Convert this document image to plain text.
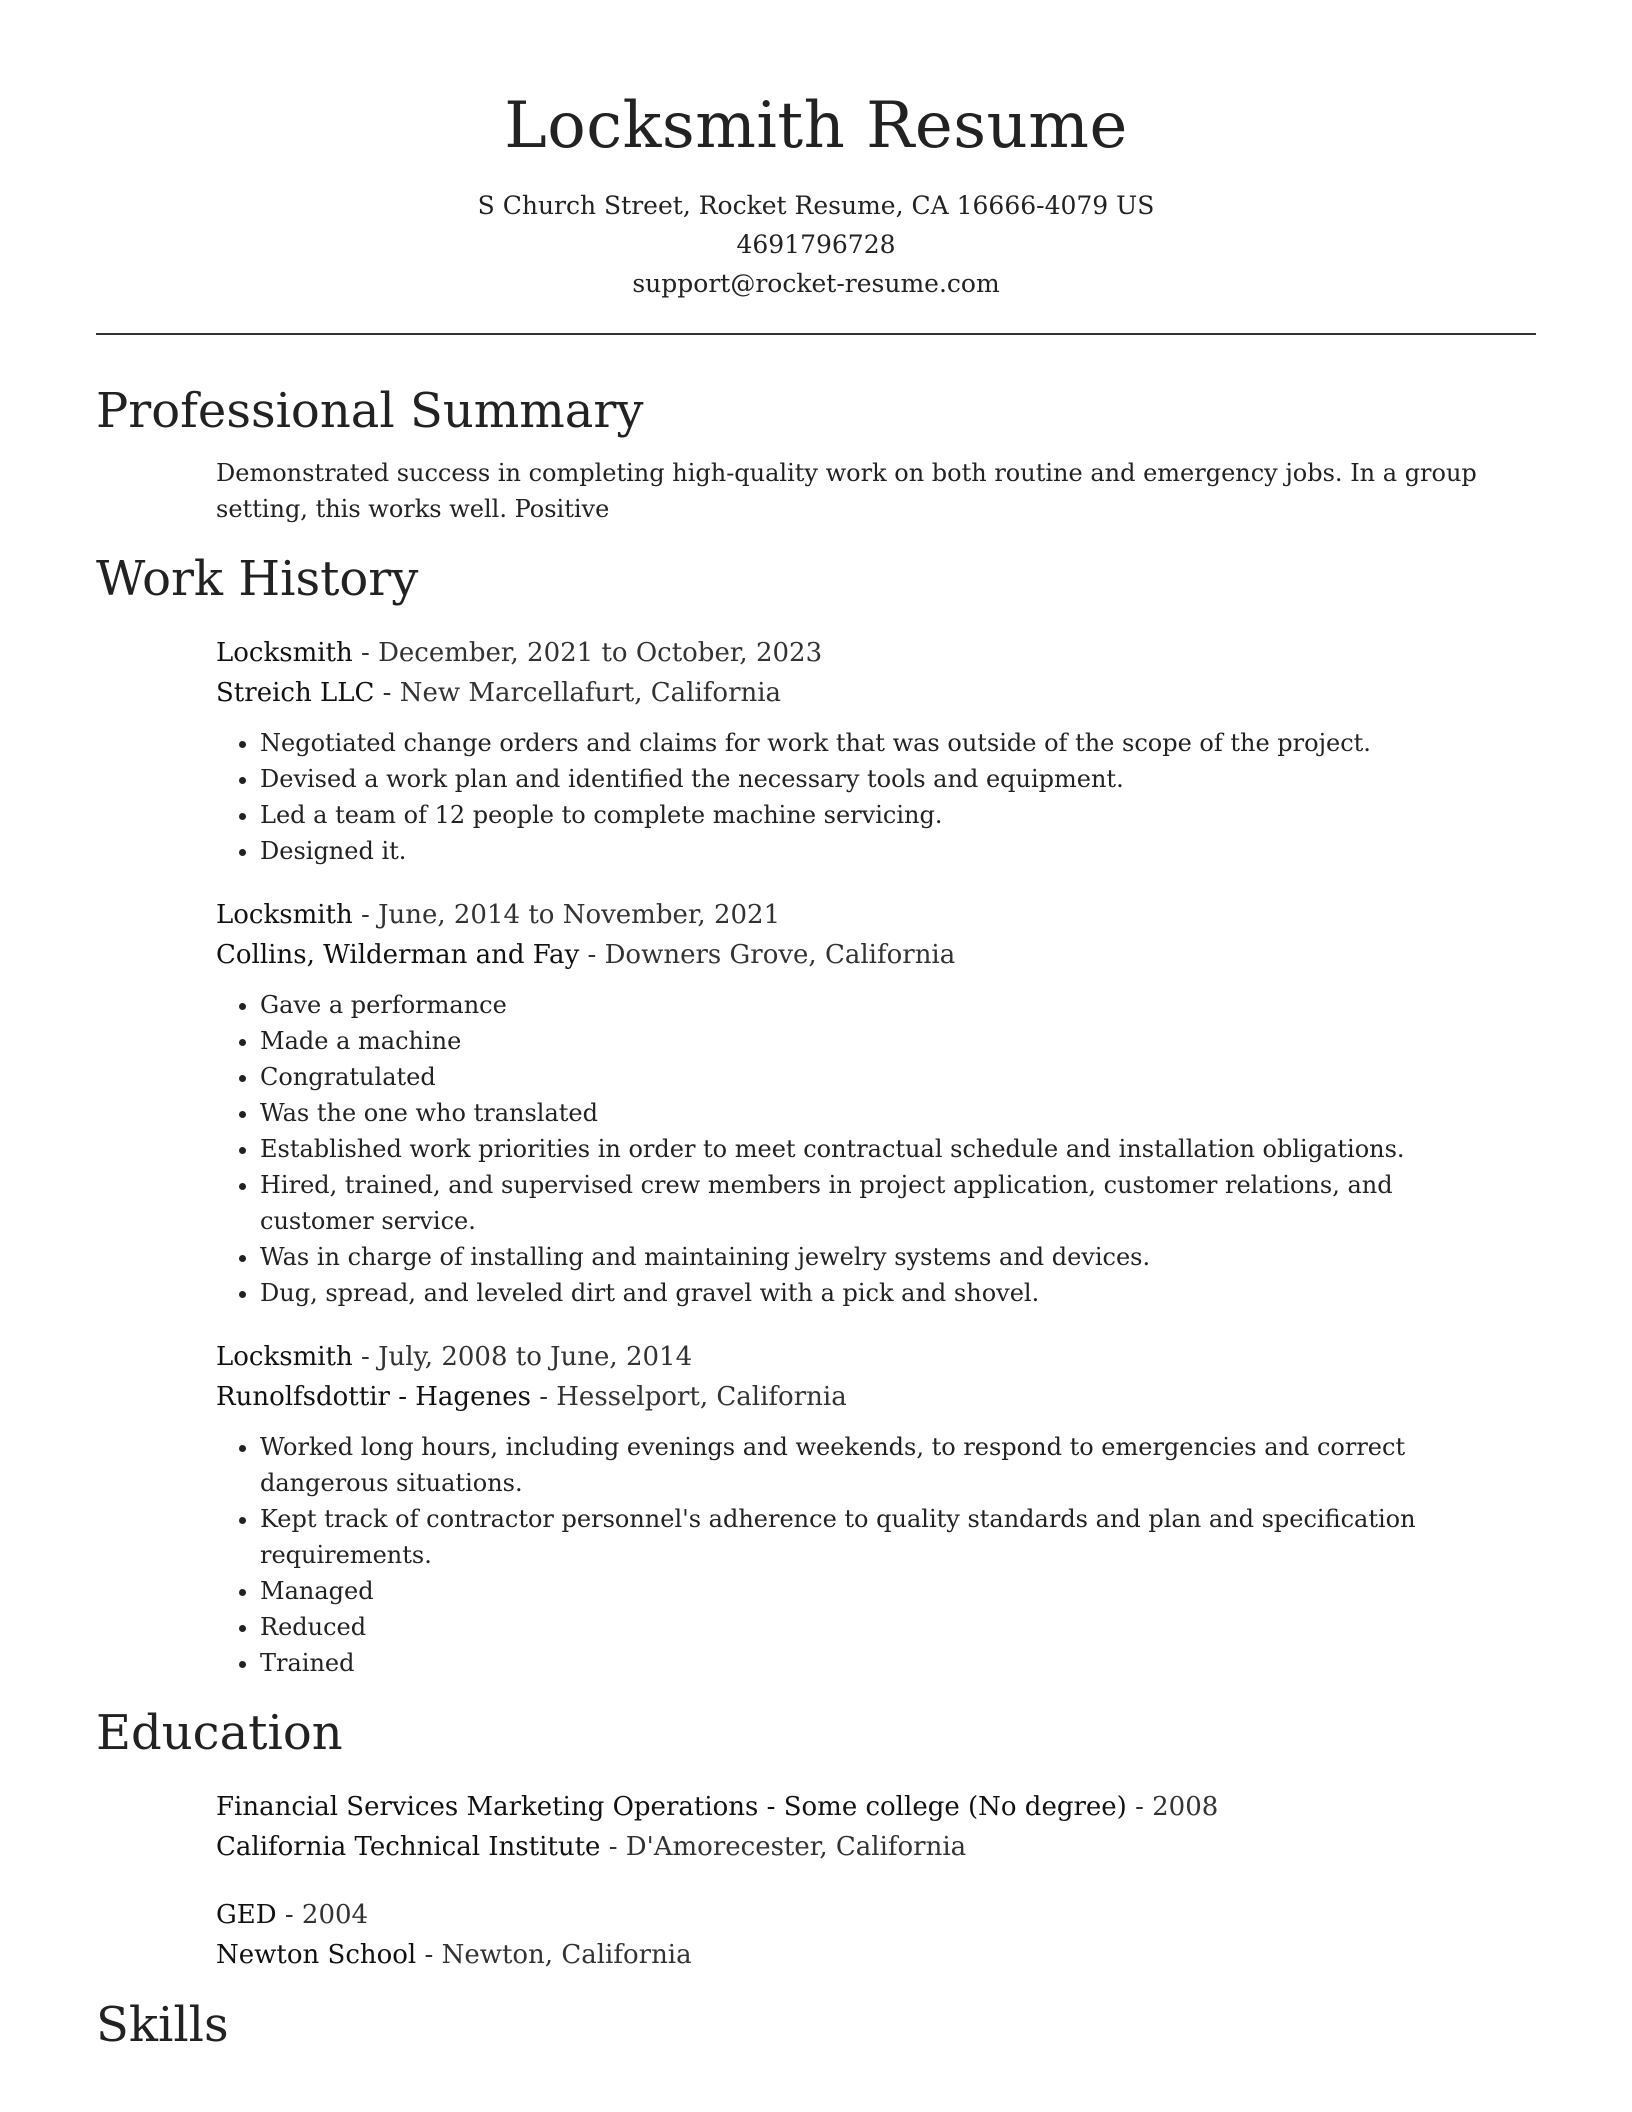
Locksmith Resume
S Church Street, Rocket Resume, CA 16666-4079 US
4691796728
support@rocket-resume.com
Professional Summary
Demonstrated success in completing high-quality work on both routine and emergency jobs. In a group setting, this works well. Positive
Work History
Locksmith - December, 2021 to October, 2023
Streich LLC - New Marcellafurt, California
• Negotiated change orders and claims for work that was outside of the scope of the project.
• Devised a work plan and identified the necessary tools and equipment.
• Led a team of 12 people to complete machine servicing.
• Designed it.
Locksmith - June, 2014 to November, 2021
Collins, Wilderman and Fay - Downers Grove, California
• Gave a performance
• Made a machine
• Congratulated
• Was the one who translated
• Established work priorities in order to meet contractual schedule and installation obligations.
• Hired, trained, and supervised crew members in project application, customer relations, and customer service.
• Was in charge of installing and maintaining jewelry systems and devices.
• Dug, spread, and leveled dirt and gravel with a pick and shovel.
Locksmith - July, 2008 to June, 2014
Runolfsdottir - Hagenes - Hesselport, California
• Worked long hours, including evenings and weekends, to respond to emergencies and correct dangerous situations.
• Kept track of contractor personnel's adherence to quality standards and plan and specification requirements.
• Managed
• Reduced
• Trained
Education
Financial Services Marketing Operations - Some college (No degree) - 2008
California Technical Institute - D'Amorecester, California
GED - 2004
Newton School - Newton, California
Skills
